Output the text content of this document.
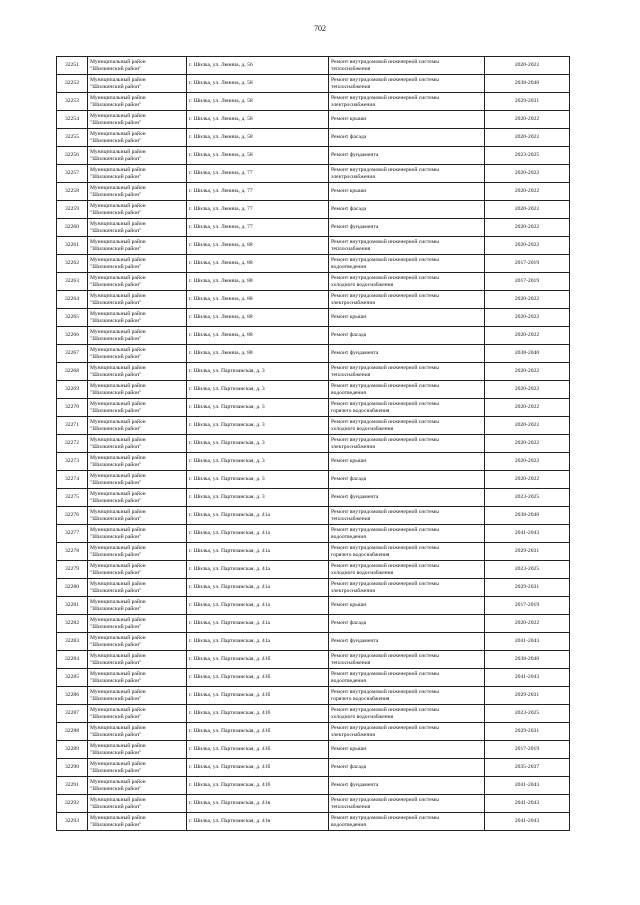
702
32251	Муниципальный район
"Шилкинский район"	г. Шилка, ул. Ленина, д. 56	Ремонт внутридомовой инженерной системы
теплоснабжения	2020-2022
32252	Муниципальный район
"Шилкинский район"	г. Шилка, ул. Ленина, д. 58	Ремонт внутридомовой инженерной системы
теплоснабжения	2038-2040
32253	Муниципальный район
"Шилкинский район"	г. Шилка, ул. Ленина, д. 58	Ремонт внутридомовой инженерной системы
электроснабжения	2029-2031
32254	Муниципальный район
"Шилкинский район"	г. Шилка, ул. Ленина, д. 58	Ремонт крыши	2020-2022
32255	Муниципальный район
"Шилкинский район"	г. Шилка, ул. Ленина, д. 58	Ремонт фасада	2020-2022
32256	Муниципальный район
"Шилкинский район"	г. Шилка, ул. Ленина, д. 58	Ремонт фундамента	2023-2025
32257	Муниципальный район
"Шилкинский район"	г. Шилка, ул. Ленина, д. 77	Ремонт внутридомовой инженерной системы
электроснабжения	2020-2022
32258	Муниципальный район
"Шилкинский район"	г. Шилка, ул. Ленина, д. 77	Ремонт крыши	2020-2022
32259	Муниципальный район
"Шилкинский район"	г. Шилка, ул. Ленина, д. 77	Ремонт фасада	2020-2022
32260	Муниципальный район
"Шилкинский район"	г. Шилка, ул. Ленина, д. 77	Ремонт фундамента	2020-2022
32261	Муниципальный район
"Шилкинский район"	г. Шилка, ул. Ленина, д. 88	Ремонт внутридомовой инженерной системы
теплоснабжения	2020-2022
32262	Муниципальный район
"Шилкинский район"	г. Шилка, ул. Ленина, д. 88	Ремонт внутридомовой инженерной системы
водоотведения	2017-2019
32263	Муниципальный район
"Шилкинский район"	г. Шилка, ул. Ленина, д. 88	Ремонт внутридомовой инженерной системы
холодного водоснабжения	2017-2019
32264	Муниципальный район
"Шилкинский район"	г. Шилка, ул. Ленина, д. 88	Ремонт внутридомовой инженерной системы
электроснабжения	2020-2022
32265	Муниципальный район
"Шилкинский район"	г. Шилка, ул. Ленина, д. 88	Ремонт крыши	2020-2022
32266	Муниципальный район
"Шилкинский район"	г. Шилка, ул. Ленина, д. 88	Ремонт фасада	2020-2022
32267	Муниципальный район
"Шилкинский район"	г. Шилка, ул. Ленина, д. 88	Ремонт фундамента	2038-2040
32268	Муниципальный район
"Шилкинский район"	г. Шилка, ул. Партизанская, д. 3	Ремонт внутридомовой инженерной системы
теплоснабжения	2020-2022
32269	Муниципальный район
"Шилкинский район"	г. Шилка, ул. Партизанская, д. 3	Ремонт внутридомовой инженерной системы
водоотведения	2020-2022
32270	Муниципальный район
"Шилкинский район"	г. Шилка, ул. Партизанская, д. 3	Ремонт внутридомовой инженерной системы
горячего водоснабжения	2020-2022
32271	Муниципальный район
"Шилкинский район"	г. Шилка, ул. Партизанская, д. 3	Ремонт внутридомовой инженерной системы
холодного водоснабжения	2020-2022
32272	Муниципальный район
"Шилкинский район"	г. Шилка, ул. Партизанская, д. 3	Ремонт внутридомовой инженерной системы
электроснабжения	2020-2022
32273	Муниципальный район
"Шилкинский район"	г. Шилка, ул. Партизанская, д. 3	Ремонт крыши	2020-2022
32274	Муниципальный район
"Шилкинский район"	г. Шилка, ул. Партизанская, д. 3	Ремонт фасада	2020-2022
32275	Муниципальный район
"Шилкинский район"	г. Шилка, ул. Партизанская, д. 3	Ремонт фундамента	2023-2025
32276	Муниципальный район
"Шилкинский район"	г. Шилка, ул. Партизанская, д. 41а	Ремонт внутридомовой инженерной системы
теплоснабжения	2038-2040
32277	Муниципальный район
"Шилкинский район"	г. Шилка, ул. Партизанская, д. 41а	Ремонт внутридомовой инженерной системы
водоотведения	2041-2043
32278	Муниципальный район
"Шилкинский район"	г. Шилка, ул. Партизанская, д. 41а	Ремонт внутридомовой инженерной системы
горячего водоснабжения	2029-2031
32279	Муниципальный район
"Шилкинский район"	г. Шилка, ул. Партизанская, д. 41а	Ремонт внутридомовой инженерной системы
холодного водоснабжения	2023-2025
32280	Муниципальный район
"Шилкинский район"	г. Шилка, ул. Партизанская, д. 41а	Ремонт внутридомовой инженерной системы
электроснабжения	2029-2031
32281	Муниципальный район
"Шилкинский район"	г. Шилка, ул. Партизанская, д. 41а	Ремонт крыши	2017-2019
32282	Муниципальный район
"Шилкинский район"	г. Шилка, ул. Партизанская, д. 41а	Ремонт фасада	2020-2022
32283	Муниципальный район
"Шилкинский район"	г. Шилка, ул. Партизанская, д. 41а	Ремонт фундамента	2041-2043
32284	Муниципальный район
"Шилкинский район"	г. Шилка, ул. Партизанская, д. 41б	Ремонт внутридомовой инженерной системы
теплоснабжения	2038-2040
32285	Муниципальный район
"Шилкинский район"	г. Шилка, ул. Партизанская, д. 41б	Ремонт внутридомовой инженерной системы
водоотведения	2041-2043
32286	Муниципальный район
"Шилкинский район"	г. Шилка, ул. Партизанская, д. 41б	Ремонт внутридомовой инженерной системы
горячего водоснабжения	2029-2031
32287	Муниципальный район
"Шилкинский район"	г. Шилка, ул. Партизанская, д. 41б	Ремонт внутридомовой инженерной системы
холодного водоснабжения	2023-2025
32288	Муниципальный район
"Шилкинский район"	г. Шилка, ул. Партизанская, д. 41б	Ремонт внутридомовой инженерной системы
электроснабжения	2029-2031
32289	Муниципальный район
"Шилкинский район"	г. Шилка, ул. Партизанская, д. 41б	Ремонт крыши	2017-2019
32290	Муниципальный район
"Шилкинский район"	г. Шилка, ул. Партизанская, д. 41б	Ремонт фасада	2035-2037
32291	Муниципальный район
"Шилкинский район"	г. Шилка, ул. Партизанская, д. 41б	Ремонт фундамента	2041-2043
32292	Муниципальный район
"Шилкинский район"	г. Шилка, ул. Партизанская, д. 41в	Ремонт внутридомовой инженерной системы
теплоснабжения	2041-2043
32293	Муниципальный район
"Шилкинский район"	г. Шилка, ул. Партизанская, д. 41в	Ремонт внутридомовой инженерной системы
водоотведения	2041-2043
